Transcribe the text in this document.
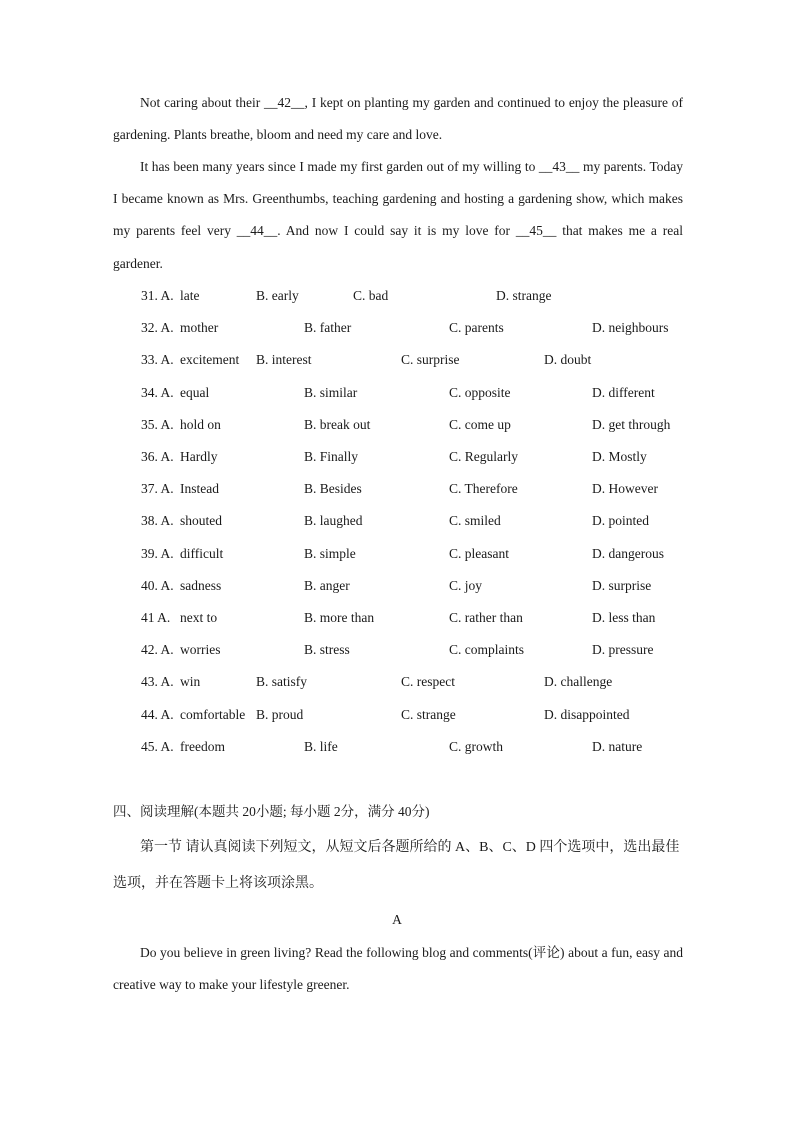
Not caring about their __42__, I kept on planting my garden and continued to enjoy the pleasure of gardening. Plants breathe, bloom and need my care and love.

It has been many years since I made my first garden out of my willing to __43__ my parents. Today I became known as Mrs. Greenthumbs, teaching gardening and hosting a gardening show, which makes my parents feel very __44__. And now I could say it is my love for __45__ that makes me a real gardener.

31. A. late	B. early	C. bad	D. strange
32. A. mother	B. father	C. parents	D. neighbours
33. A. excitement B. interest	C. surprise	D. doubt
34. A. equal	B. similar	C. opposite	D. different
35. A. hold on	B. break out	C. come up	D. get through
36. A. Hardly	B. Finally	C. Regularly	D. Mostly
37. A. Instead	B. Besides	C. Therefore	D. However
38. A. shouted	B. laughed	C. smiled	D. pointed
39. A. difficult	B. simple	C. pleasant	D. dangerous
40. A. sadness	B. anger	C. joy	D. surprise
41 A. next to	B. more than	C. rather than	D. less than
42. A. worries	B. stress	C. complaints	D. pressure
43. A. win	B. satisfy	C. respect	D. challenge
44. A. comfortable B. proud	C. strange	D. disappointed
45. A. freedom	B. life	C. growth	D. nature
四、阅读理解(本题共 20小题; 每小题 2分，满分 40分)

第一节 请认真阅读下列短文，从短文后各题所给的 A、B、C、D 四个选项中，选出最佳选项，并在答题卡上将该项涂黑。

A

Do you believe in green living? Read the following blog and comments(评论) about a fun, easy and creative way to make your lifestyle greener.
